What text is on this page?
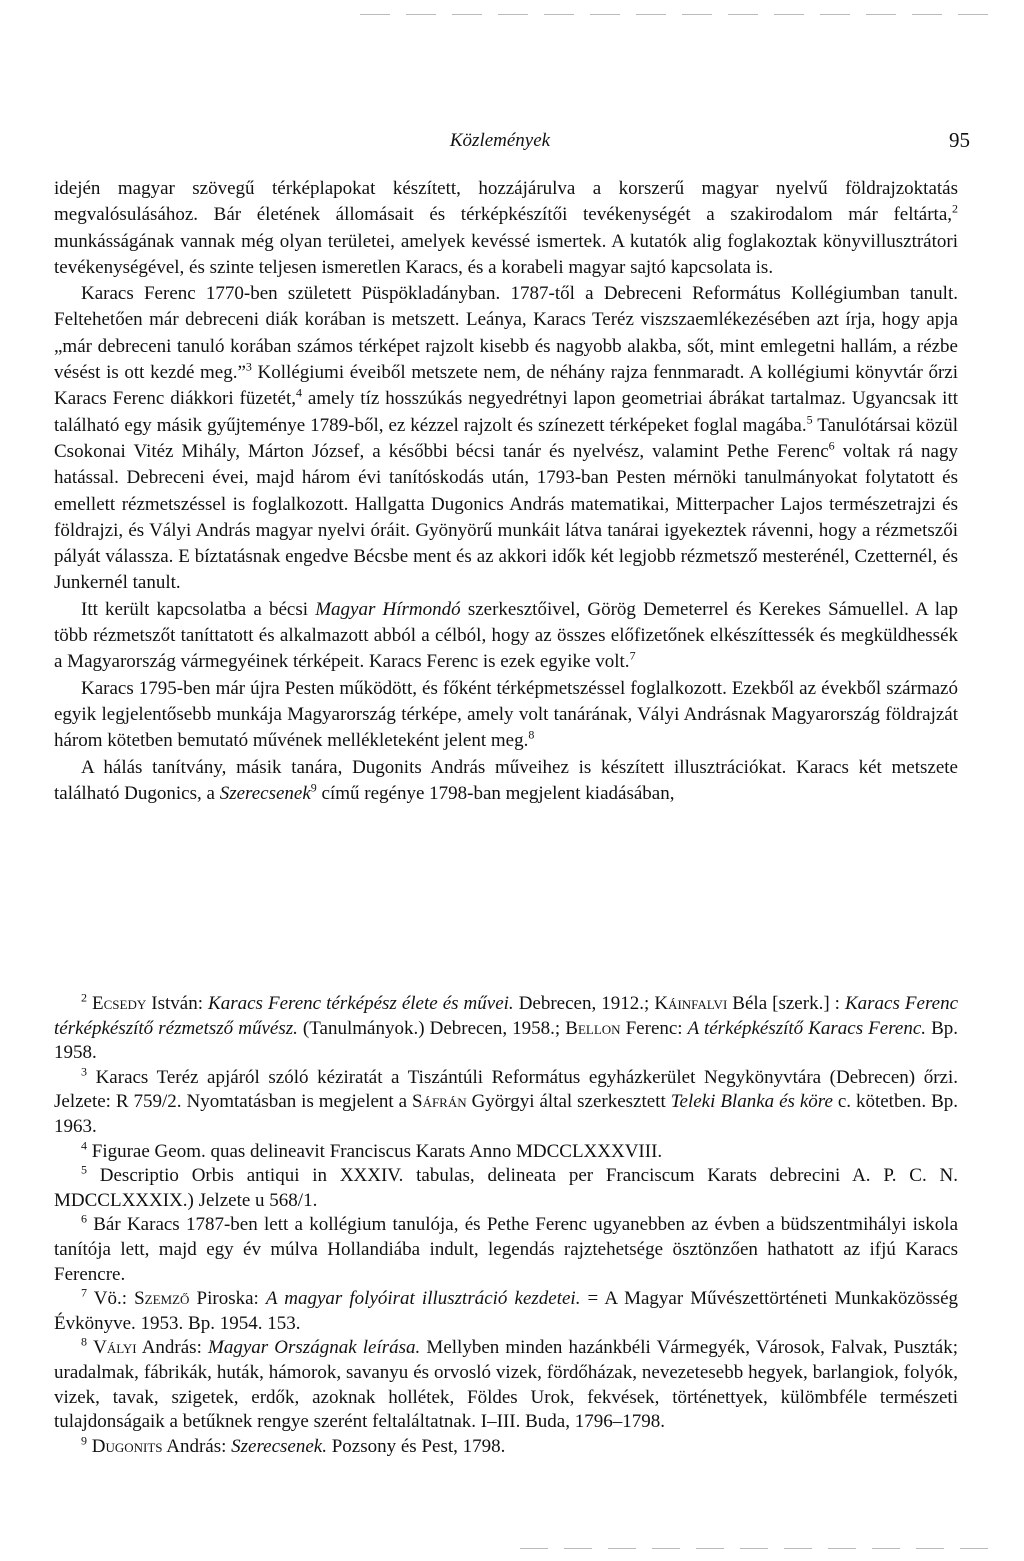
Közlemények	95

idején magyar szövegű térképlapokat készített, hozzájárulva a korszerű magyar nyelvű földrajzoktatás megvalósulásához. Bár életének állomásait és térképkészítői tevékenységét a szakirodalom már feltárta,$^2$ munkásságának vannak még olyan területei, amelyek kevéssé ismertek. A kutatók alig foglakoztak könyvillusztrátori tevékenységével, és szinte teljesen ismeretlen Karacs, és a korabeli magyar sajtó kapcsolata is.

Karacs Ferenc 1770-ben született Püspökladányban. 1787-től a Debreceni Református Kollégiumban tanult. Feltehetően már debreceni diák korában is metszett. Leánya, Karacs Teréz viszszaemlékezésében azt írja, hogy apja „már debreceni tanuló korában számos térképet rajzolt kisebb és nagyobb alakba, sőt, mint emlegetni hallám, a rézbe vésést is ott kezdé meg.”$^3$ Kollégiumi éveiből metszete nem, de néhány rajza fennmaradt. A kollégiumi könyvtár őrzi Karacs Ferenc diákkori füzetét,$^4$ amely tíz hosszúkás negyedrétnyi lapon geometriai ábrákat tartalmaz. Ugyancsak itt található egy másik gyűjteménye 1789-ből, ez kézzel rajzolt és színezett térképeket foglal magába.$^5$ Tanulótársai közül Csokonai Vitéz Mihály, Márton József, a későbbi bécsi tanár és nyelvész, valamint Pethe Ferenc$^6$ voltak rá nagy hatással. Debreceni évei, majd három évi tanítóskodás után, 1793-ban Pesten mérnöki tanulmányokat folytatott és emellett rézmetszéssel is foglalkozott. Hallgatta Dugonics András matematikai, Mitterpacher Lajos természetrajzi és földrajzi, és Vályi András magyar nyelvi óráit. Gyönyörű munkáit látva tanárai igyekeztek rávenni, hogy a rézmetszői pályát válassza. E bíztatásnak engedve Bécsbe ment és az akkori idők két legjobb rézmetsző mesterénél, Czetternél, és Junkernél tanult.

Itt került kapcsolatba a bécsi Magyar Hírmondó szerkesztőivel, Görög Demeterrel és Kerekes Sámuellel. A lap több rézmetszőt taníttatott és alkalmazott abból a célból, hogy az összes előfizetőnek elkészíttessék és megküldhessék a Magyarország vármegyéinek térképeit. Karacs Ferenc is ezek egyike volt.$^7$

Karacs 1795-ben már újra Pesten működött, és főként térképmetszéssel foglalkozott. Ezekből az évekből származó egyik legjelentősebb munkája Magyarország térképe, amely volt tanárának, Vályi Andrásnak Magyarország földrajzát három kötetben bemutató művének mellékleteként jelent meg.$^8$

A hálás tanítvány, másik tanára, Dugonits András műveihez is készített illusztrációkat. Karacs két metszete található Dugonics, a Szerecsenek$^9$ című regénye 1798-ban megjelent kiadásában,

$^2$ Ecsedy István: Karacs Ferenc térképész élete és művei. Debrecen, 1912.; Káinfalvi Béla [szerk.] : Karacs Ferenc térképkészítő rézmetsző művész. (Tanulmányok.) Debrecen, 1958.; Bellon Ferenc: A térképkészítő Karacs Ferenc. Bp. 1958.

$^3$ Karacs Teréz apjáról szóló kéziratát a Tiszántúli Református egyházkerület Negykönyvtára (Debrecen) őrzi. Jelzete: R 759/2. Nyomtatásban is megjelent a Sáfrán Györgyi által szerkesztett Teleki Blanka és köre c. kötetben. Bp. 1963.

$^4$ Figurae Geom. quas delineavit Franciscus Karats Anno MDCCLXXXVIII.

$^5$ Descriptio Orbis antiqui in XXXIV. tabulas, delineata per Franciscum Karats debrecini A. P. C. N. MDCCLXXXIX.) Jelzete u 568/1.

$^6$ Bár Karacs 1787-ben lett a kollégium tanulója, és Pethe Ferenc ugyanebben az évben a büdszentmihályi iskola tanítója lett, majd egy év múlva Hollandiába indult, legendás rajztehetsége ösztönzően hathatott az ifjú Karacs Ferencre.

$^7$ Vö.: Szemző Piroska: A magyar folyóirat illusztráció kezdetei. = A Magyar Művészettörténeti Munkaközösség Évkönyve. 1953. Bp. 1954. 153.

$^8$ Vályi András: Magyar Országnak leírása. Mellyben minden hazánkbéli Vármegyék, Városok, Falvak, Puszták; uradalmak, fábrikák, huták, hámorok, savanyu és orvosló vizek, fördőházak, nevezetesebb hegyek, barlangiok, folyók, vizek, tavak, szigetek, erdők, azoknak hollétek, Földes Urok, fekvések, történettyek, külömbféle természeti tulajdonságaik a betűknek rengye szerént feltaláltatnak. I–III. Buda, 1796–1798.

$^9$ Dugonits András: Szerecsenek. Pozsony és Pest, 1798.
